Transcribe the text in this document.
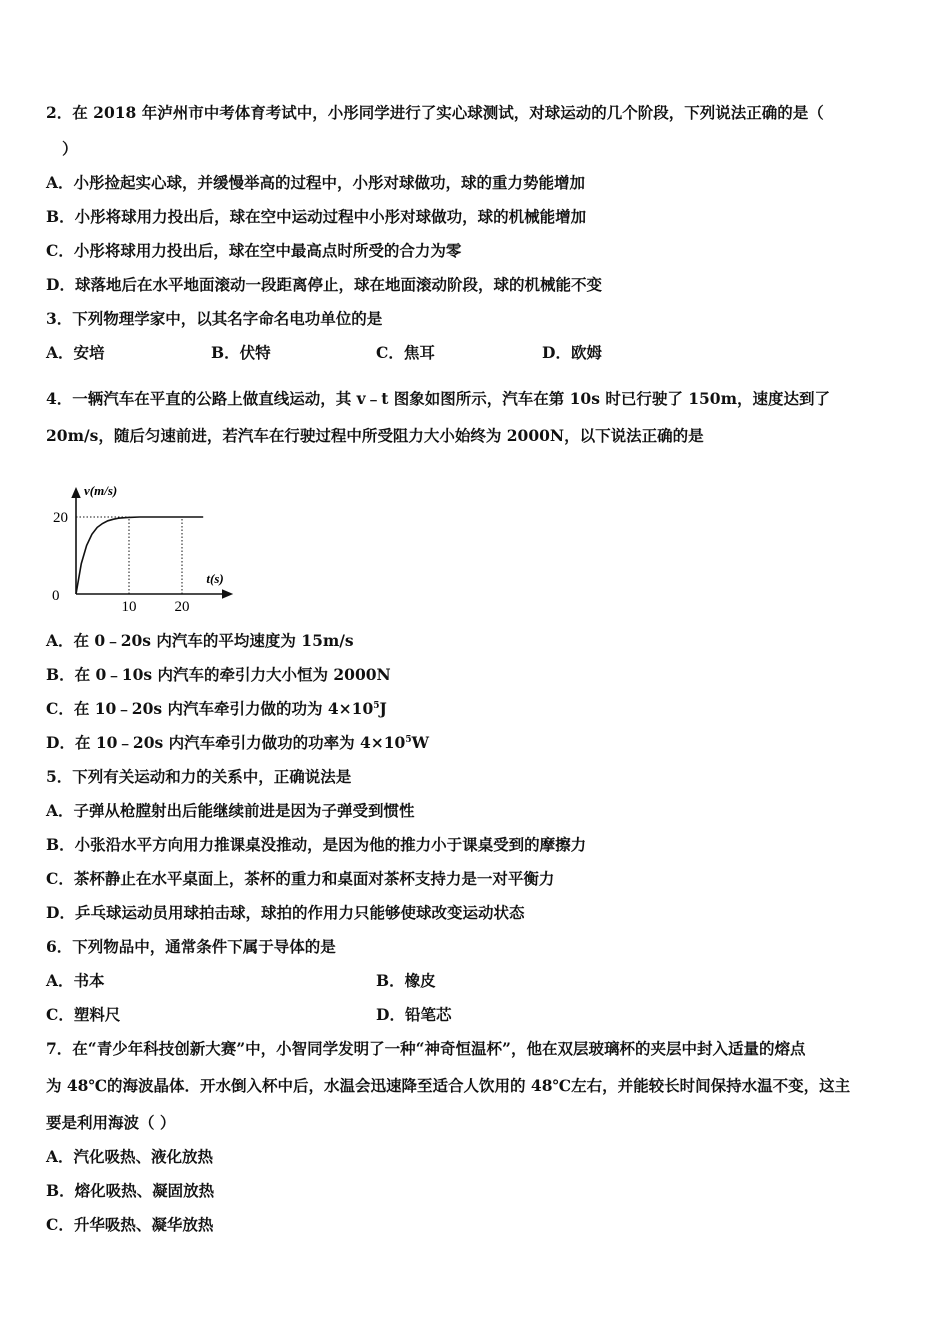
2．在 2018 年泸州市中考体育考试中，小彤同学进行了实心球测试，对球运动的几个阶段，下列说法正确的是（
）
A．小彤捡起实心球，并缓慢举高的过程中，小彤对球做功，球的重力势能增加
B．小彤将球用力投出后，球在空中运动过程中小彤对球做功，球的机械能增加
C．小彤将球用力投出后，球在空中最高点时所受的合力为零
D．球落地后在水平地面滚动一段距离停止，球在地面滚动阶段，球的机械能不变
3．下列物理学家中，以其名字命名电功单位的是
A．安培	B．伏特	C．焦耳	D．欧姆
4．一辆汽车在平直的公路上做直线运动，其 v﹣t 图象如图所示，汽车在第 10s 时已行驶了 150m，速度达到了
20m/s，随后匀速前进，若汽车在行驶过程中所受阻力大小始终为 2000N，以下说法正确的是
10	20
20
v(m/s)
t(s)
0
A．在 0﹣20s 内汽车的平均速度为 15m/s
B．在 0﹣10s 内汽车的牵引力大小恒为 2000N
C．在 10﹣20s 内汽车牵引力做的功为 $4\times 10^5J$
D．在 10﹣20s 内汽车牵引力做功的功率为 $4\times 10^5W$
5．下列有关运动和力的关系中，正确说法是
A．子弹从枪膛射出后能继续前进是因为子弹受到惯性
B．小张沿水平方向用力推课桌没推动，是因为他的推力小于课桌受到的摩擦力
C．茶杯静止在水平桌面上，茶杯的重力和桌面对茶杯支持力是一对平衡力
D．乒乓球运动员用球拍击球，球拍的作用力只能够使球改变运动状态
6．下列物品中，通常条件下属于导体的是
A．书本	B．橡皮
C．塑料尺	D．铅笔芯
7．在“青少年科技创新大赛”中，小智同学发明了一种“神奇恒温杯”，他在双层玻璃杯的夹层中封入适量的熔点
为 48℃的海波晶体．开水倒入杯中后，水温会迅速降至适合人饮用的 48℃左右，并能较长时间保持水温不变，这主
要是利用海波（ ）
A．汽化吸热、液化放热
B．熔化吸热、凝固放热
C．升华吸热、凝华放热
